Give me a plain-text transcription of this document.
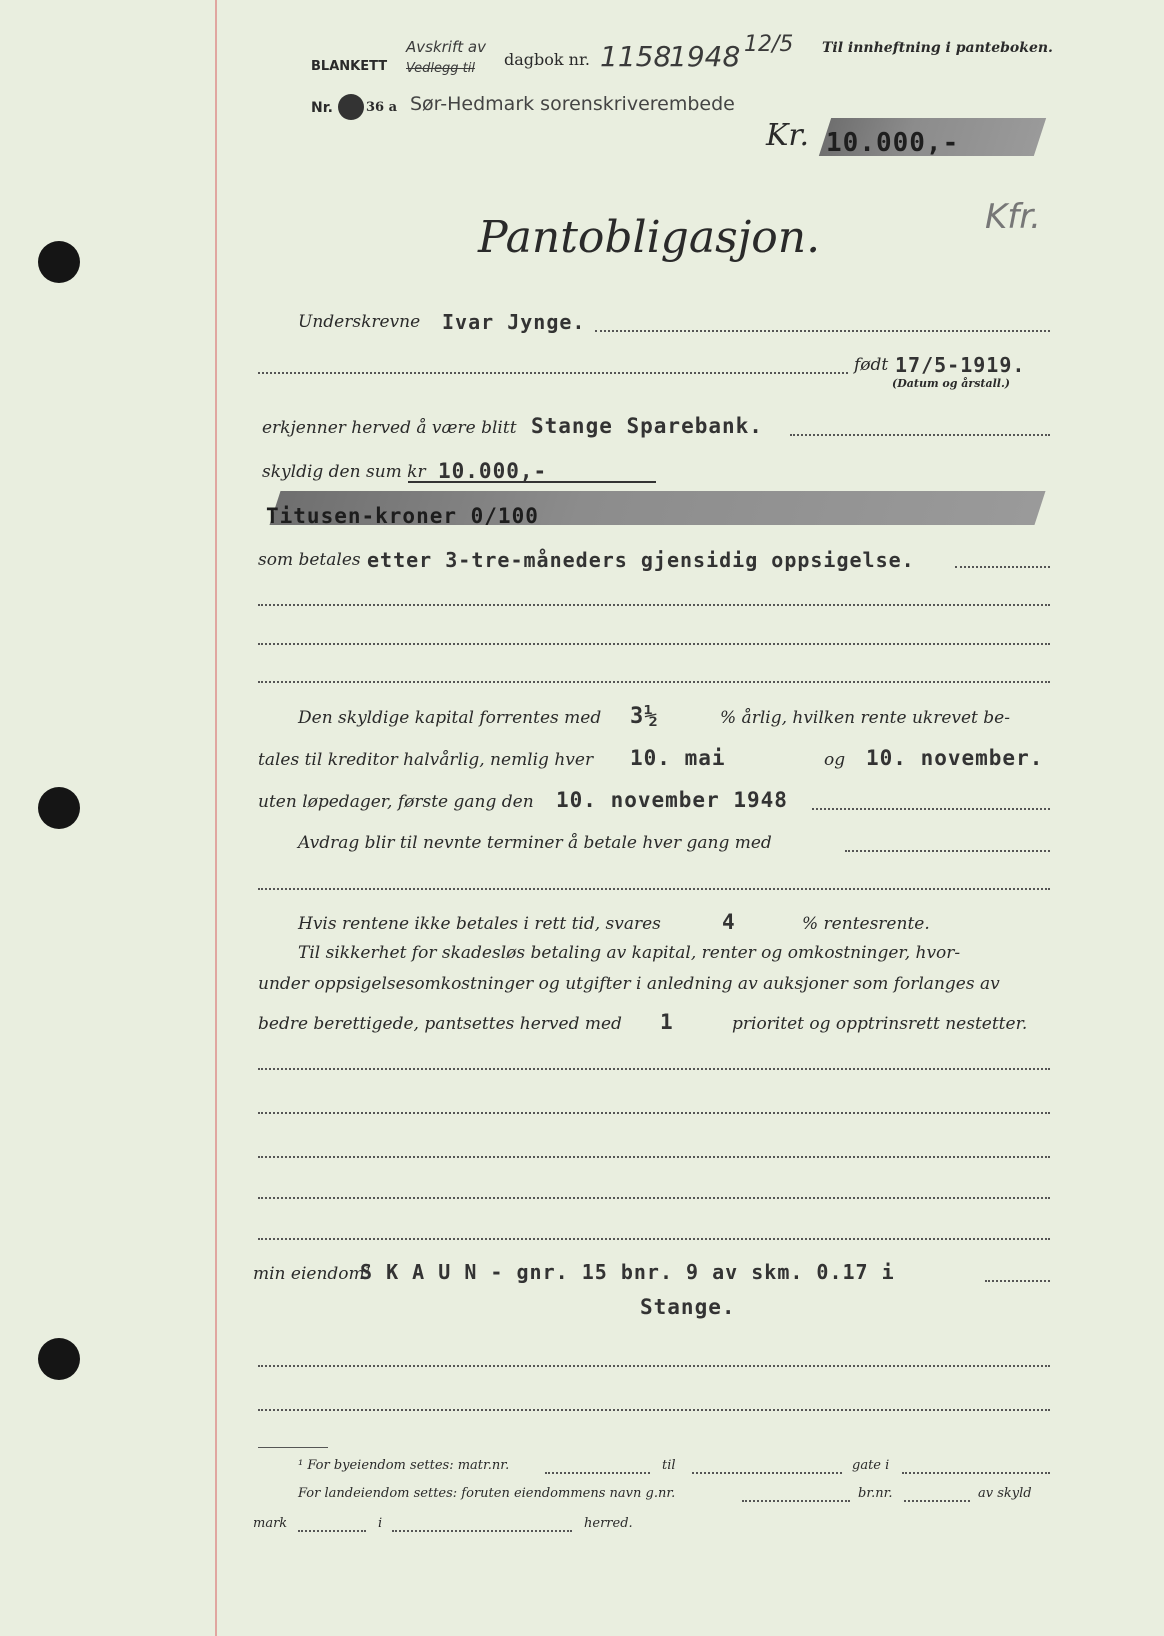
BLANKETT
Avskrift av
Vedlegg til dagbok nr. 1158
1948 12/5 Til innheftning i panteboken.
Nr.	36 a Sør-Hedmark sorenskriverembede
Kr. 10.000,-
Kfr.
Pantobligasjon.
Underskrevne Ivar Jynge.
født 17/5-1919.
(Datum og årstall.)
erkjenner herved å være blitt Stange Sparebank.
skyldig den sum kr 10.000,-
Titusen-kroner 0/100
som betales etter 3-tre-måneders gjensidig oppsigelse.
Den skyldige kapital forrentes med 3½	% årlig, hvilken rente ukrevet be-
tales til kreditor halvårlig, nemlig hver 10. mai	og 10. november.
uten løpedager, første gang den 10. november 1948
Avdrag blir til nevnte terminer å betale hver gang med
Hvis rentene ikke betales i rett tid, svares	4	% rentesrente.
Til sikkerhet for skadesløs betaling av kapital, renter og omkostninger, hvor-
under oppsigelsesomkostninger og utgifter i anledning av auksjoner som forlanges av
bedre berettigede, pantsettes herved med 1	prioritet og opptrinsrett nestetter.
min eiendom¹
S K A U N - gnr. 15 bnr. 9 av skm. 0.17 i
Stange.
¹ For byeiendom settes: matr.nr.	til	gate i
For landeiendom settes: foruten eiendommens navn g.nr.	br.nr.	av skyld
mark	i	herred.
